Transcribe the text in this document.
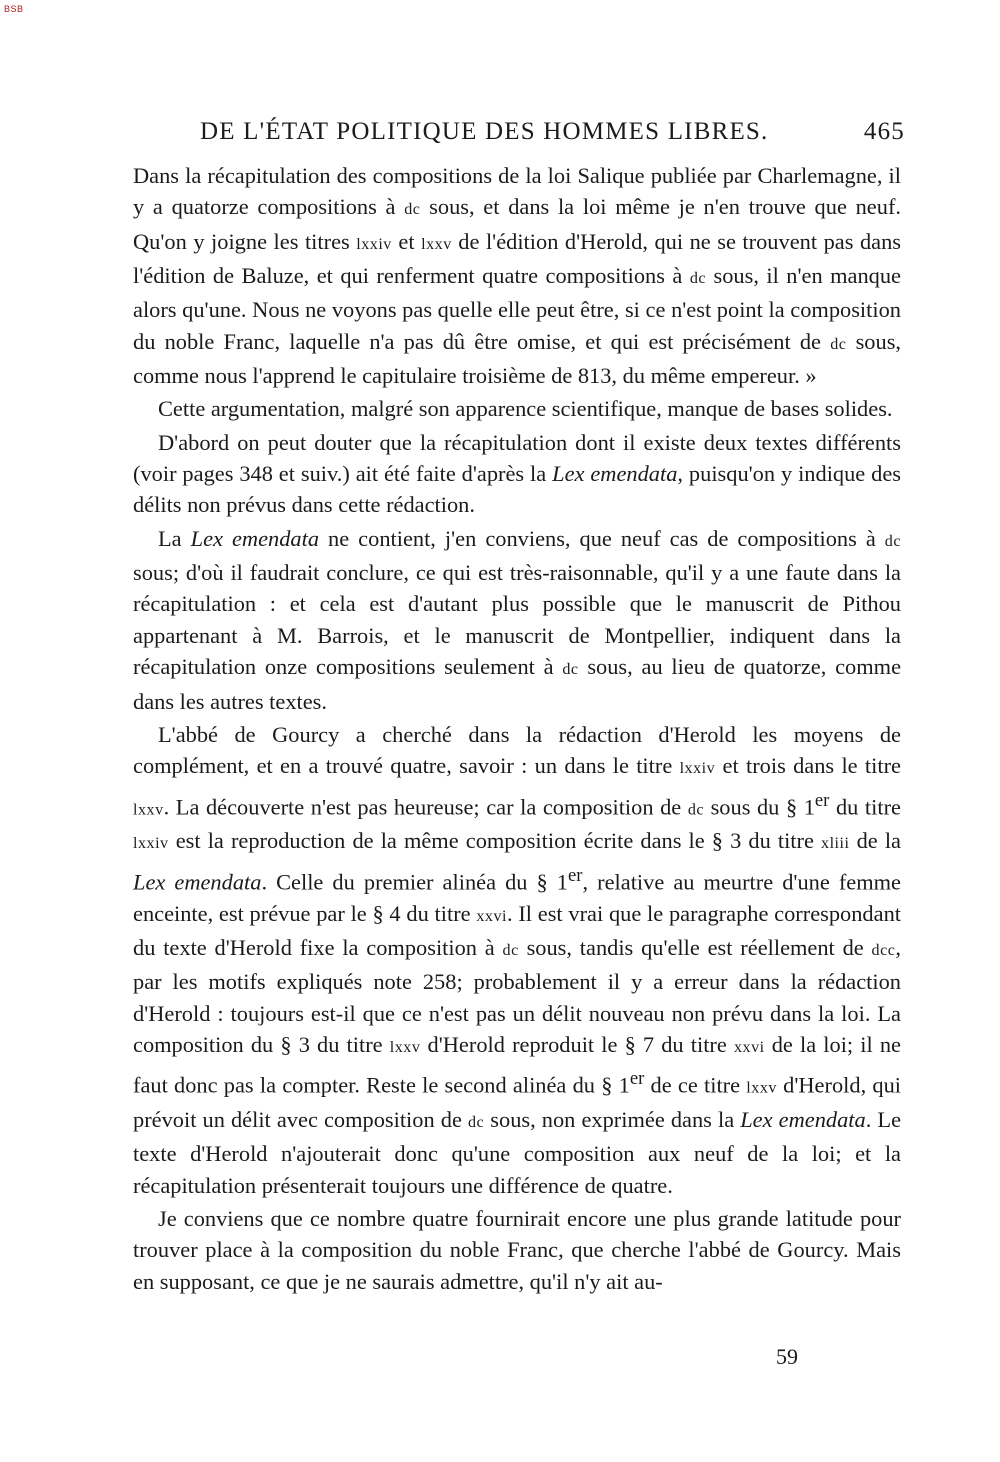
BSB
DE L'ÉTAT POLITIQUE DES HOMMES LIBRES.	465

Dans la récapitulation des compositions de la loi Salique publiée par Charlemagne, il y a quatorze compositions à dc sous, et dans la loi même je n'en trouve que neuf. Qu'on y joigne les titres lxxiv et lxxv de l'édition d'Herold, qui ne se trouvent pas dans l'édition de Baluze, et qui renferment quatre compositions à dc sous, il n'en manque alors qu'une. Nous ne voyons pas quelle elle peut être, si ce n'est point la composition du noble Franc, laquelle n'a pas dû être omise, et qui est précisément de dc sous, comme nous l'apprend le capitulaire troisième de 813, du même empereur. »

Cette argumentation, malgré son apparence scientifique, manque de bases solides.

D'abord on peut douter que la récapitulation dont il existe deux textes différents (voir pages 348 et suiv.) ait été faite d'après la Lex emendata, puisqu'on y indique des délits non prévus dans cette rédaction.

La Lex emendata ne contient, j'en conviens, que neuf cas de compositions à dc sous; d'où il faudrait conclure, ce qui est très-raisonnable, qu'il y a une faute dans la récapitulation : et cela est d'autant plus possible que le manuscrit de Pithou appartenant à M. Barrois, et le manuscrit de Montpellier, indiquent dans la récapitulation onze compositions seulement à dc sous, au lieu de quatorze, comme dans les autres textes.

L'abbé de Gourcy a cherché dans la rédaction d'Herold les moyens de complément, et en a trouvé quatre, savoir : un dans le titre lxxiv et trois dans le titre lxxv. La découverte n'est pas heureuse; car la composition de dc sous du § 1er du titre lxxiv est la reproduction de la même composition écrite dans le § 3 du titre xliii de la Lex emendata. Celle du premier alinéa du § 1er, relative au meurtre d'une femme enceinte, est prévue par le § 4 du titre xxvi. Il est vrai que le paragraphe correspondant du texte d'Herold fixe la composition à dc sous, tandis qu'elle est réellement de dcc, par les motifs expliqués note 258; probablement il y a erreur dans la rédaction d'Herold : toujours est-il que ce n'est pas un délit nouveau non prévu dans la loi. La composition du § 3 du titre lxxv d'Herold reproduit le § 7 du titre xxvi de la loi; il ne faut donc pas la compter. Reste le second alinéa du § 1er de ce titre lxxv d'Herold, qui prévoit un délit avec composition de dc sous, non exprimée dans la Lex emendata. Le texte d'Herold n'ajouterait donc qu'une composition aux neuf de la loi; et la récapitulation présenterait toujours une différence de quatre.

Je conviens que ce nombre quatre fournirait encore une plus grande latitude pour trouver place à la composition du noble Franc, que cherche l'abbé de Gourcy. Mais en supposant, ce que je ne saurais admettre, qu'il n'y ait au-

59
